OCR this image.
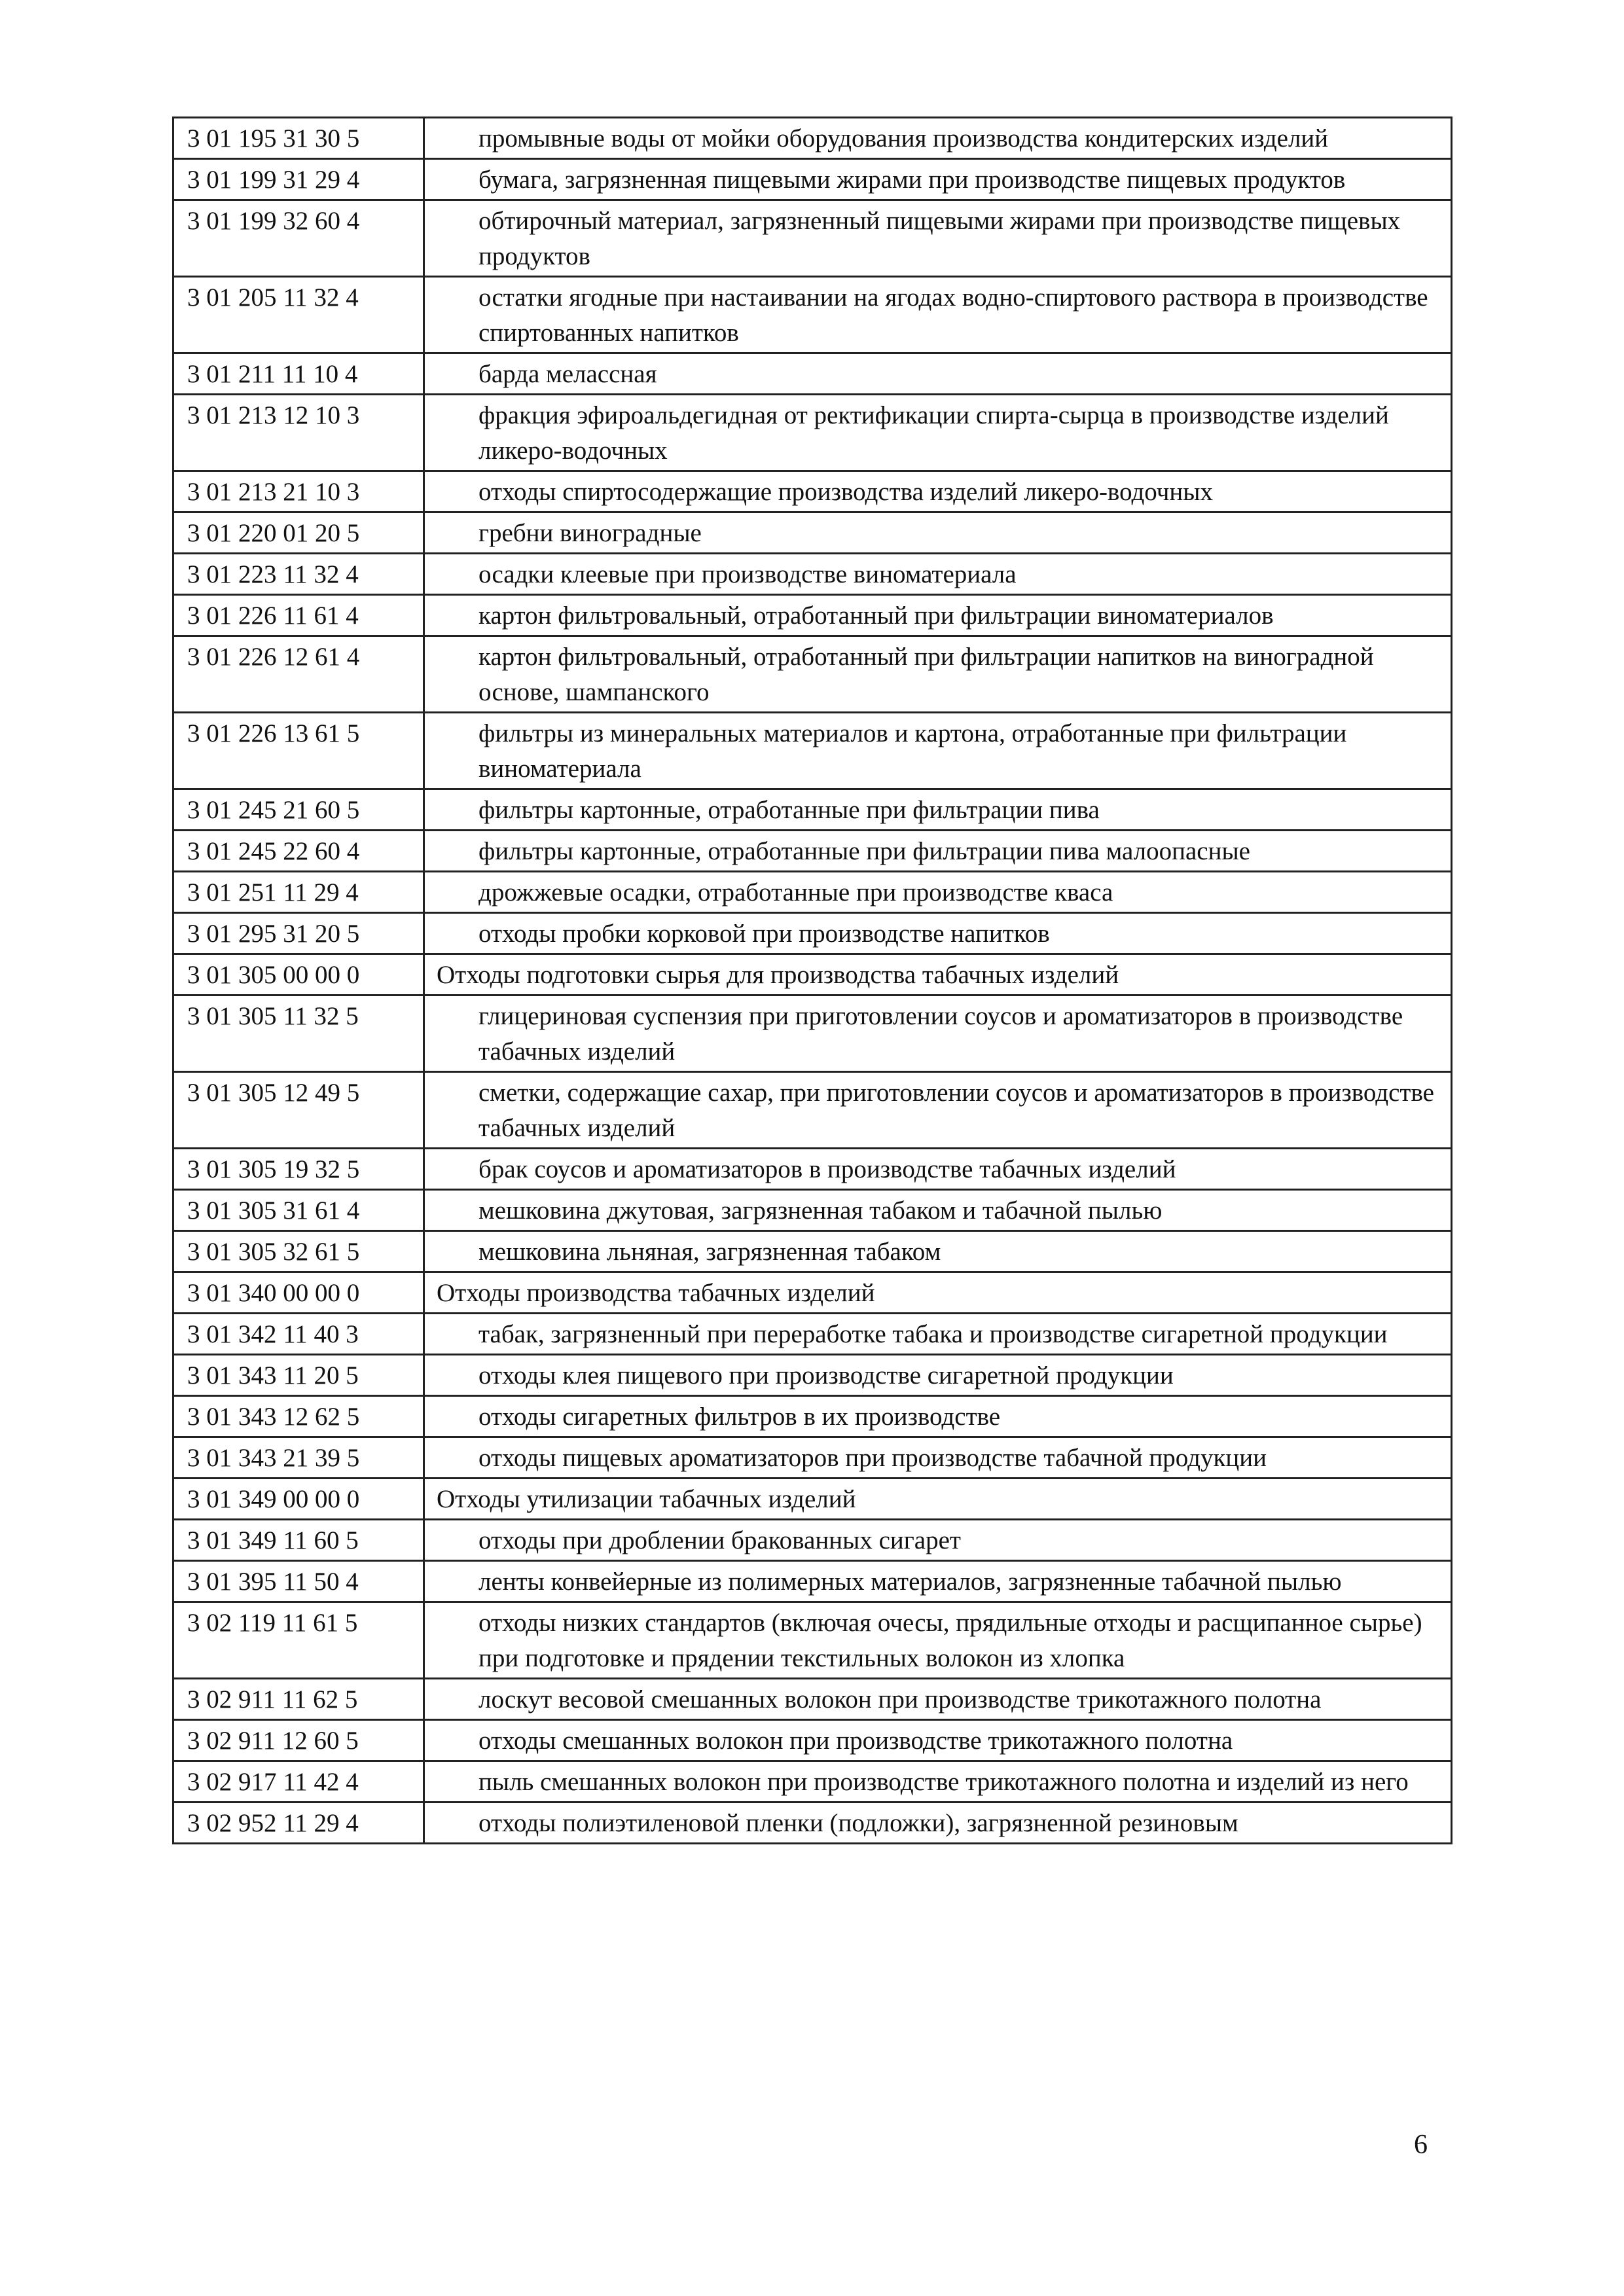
3 01 195 31 30 5	промывные воды от мойки оборудования производства кондитерских изделий
3 01 199 31 29 4	бумага, загрязненная пищевыми жирами при производстве пищевых продуктов
3 01 199 32 60 4	обтирочный материал, загрязненный пищевыми жирами при производстве пищевых продуктов
3 01 205 11 32 4	остатки ягодные при настаивании на ягодах водно-спиртового раствора в производстве спиртованных напитков
3 01 211 11 10 4	барда мелассная
3 01 213 12 10 3	фракция эфироальдегидная от ректификации спирта-сырца в производстве изделий ликеро-водочных
3 01 213 21 10 3	отходы спиртосодержащие производства изделий ликеро-водочных
3 01 220 01 20 5	гребни виноградные
3 01 223 11 32 4	осадки клеевые при производстве виноматериала
3 01 226 11 61 4	картон фильтровальный, отработанный при фильтрации виноматериалов
3 01 226 12 61 4	картон фильтровальный, отработанный при фильтрации напитков на виноградной основе, шампанского
3 01 226 13 61 5	фильтры из минеральных материалов и картона, отработанные при фильтрации виноматериала
3 01 245 21 60 5	фильтры картонные, отработанные при фильтрации пива
3 01 245 22 60 4	фильтры картонные, отработанные при фильтрации пива малоопасные
3 01 251 11 29 4	дрожжевые осадки, отработанные при производстве кваса
3 01 295 31 20 5	отходы пробки корковой при производстве напитков
3 01 305 00 00 0	Отходы подготовки сырья для производства табачных изделий
3 01 305 11 32 5	глицериновая суспензия при приготовлении соусов и ароматизаторов в производстве табачных изделий
3 01 305 12 49 5	сметки, содержащие сахар, при приготовлении соусов и ароматизаторов в производстве табачных изделий
3 01 305 19 32 5	брак соусов и ароматизаторов в производстве табачных изделий
3 01 305 31 61 4	мешковина джутовая, загрязненная табаком и табачной пылью
3 01 305 32 61 5	мешковина льняная, загрязненная табаком
3 01 340 00 00 0	Отходы производства табачных изделий
3 01 342 11 40 3	табак, загрязненный при переработке табака и производстве сигаретной продукции
3 01 343 11 20 5	отходы клея пищевого при производстве сигаретной продукции
3 01 343 12 62 5	отходы сигаретных фильтров в их производстве
3 01 343 21 39 5	отходы пищевых ароматизаторов при производстве табачной продукции
3 01 349 00 00 0	Отходы утилизации табачных изделий
3 01 349 11 60 5	отходы при дроблении бракованных сигарет
3 01 395 11 50 4	ленты конвейерные из полимерных материалов, загрязненные табачной пылью
3 02 119 11 61 5	отходы низких стандартов (включая очесы, прядильные отходы и расщипанное сырье) при подготовке и прядении текстильных волокон из хлопка
3 02 911 11 62 5	лоскут весовой смешанных волокон при производстве трикотажного полотна
3 02 911 12 60 5	отходы смешанных волокон при производстве трикотажного полотна
3 02 917 11 42 4	пыль смешанных волокон при производстве трикотажного полотна и изделий из него
3 02 952 11 29 4	отходы полиэтиленовой пленки (подложки), загрязненной резиновым
6
